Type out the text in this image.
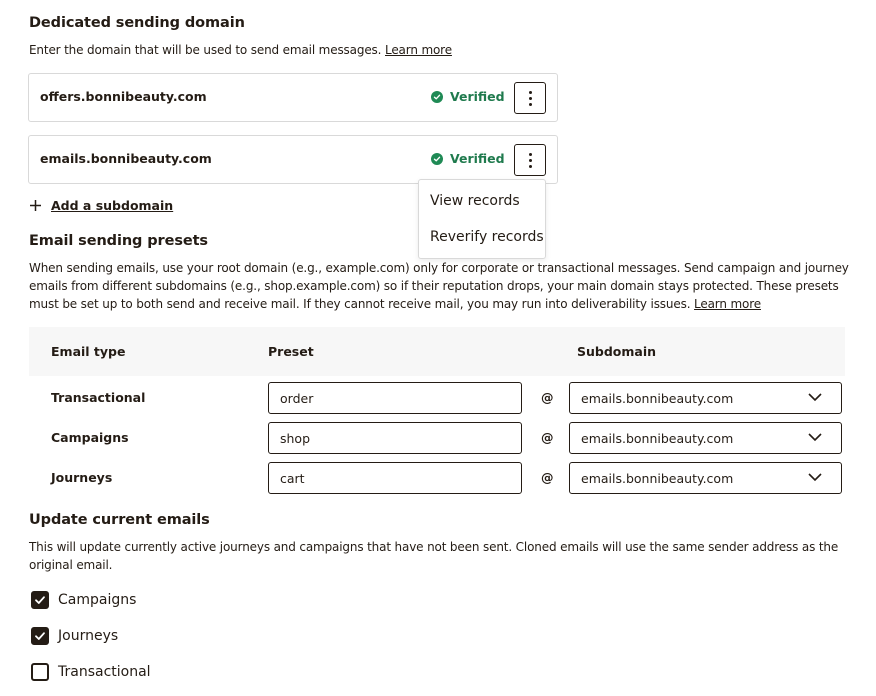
Dedicated sending domain
Enter the domain that will be used to send email messages. Learn more
offers.bonnibeauty.com	Verified
emails.bonnibeauty.com	Verified
Add a subdomain	View records
Reverify records
Email sending presets
When sending emails, use your root domain (e.g., example.com) only for corporate or transactional messages. Send campaign and journey emails from different subdomains (e.g., shop.example.com) so if their reputation drops, your main domain stays protected. These presets must be set up to both send and receive mail. If they cannot receive mail, you may run into deliverability issues. Learn more
Email type	Preset	Subdomain
Transactional	order	@	emails.bonnibeauty.com
Campaigns	shop	@	emails.bonnibeauty.com
Journeys	cart	@	emails.bonnibeauty.com
Update current emails
This will update currently active journeys and campaigns that have not been sent. Cloned emails will use the same sender address as the original email.
Campaigns
Journeys
Transactional
